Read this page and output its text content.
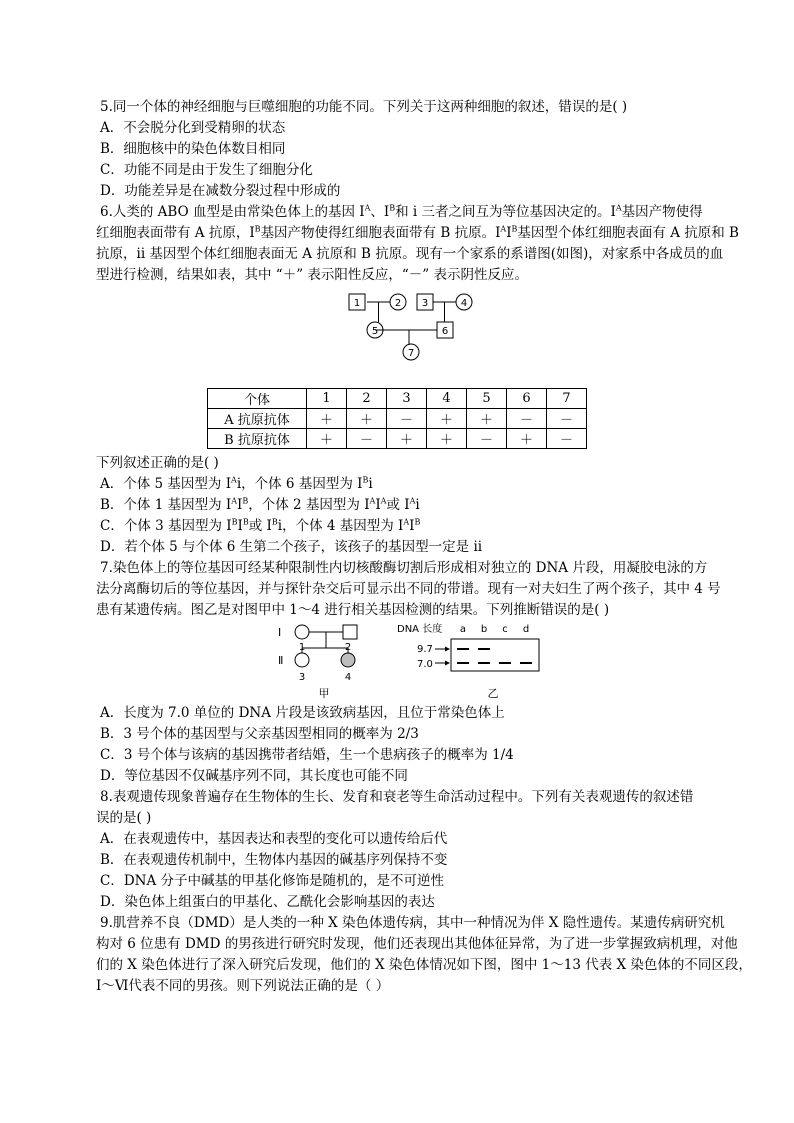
5.同一个体的神经细胞与巨噬细胞的功能不同。下列关于这两种细胞的叙述，错误的是( )
A．不会脱分化到受精卵的状态
B．细胞核中的染色体数目相同
C．功能不同是由于发生了细胞分化
D．功能差异是在减数分裂过程中形成的
6.人类的 ABO 血型是由常染色体上的基因 $I^A$、$I^B$和 i 三者之间互为等位基因决定的。$I^A$基因产物使得
红细胞表面带有 A 抗原，$I^B$基因产物使得红细胞表面带有 B 抗原。$I^AI^B$基因型个体红细胞表面有 A 抗原和 B
抗原，ii 基因型个体红细胞表面无 A 抗原和 B 抗原。现有一个家系的系谱图(如图)，对家系中各成员的血
型进行检测，结果如表，其中 “＋” 表示阳性反应，“－” 表示阴性反应。
1	2 3	4
5	6
7
个体	1	2	3	4	5	6	7
A 抗原抗体	＋	＋	－	＋	＋	－	－
B 抗原抗体	＋	－	＋	＋	－	＋	－
下列叙述正确的是( )
A．个体 5 基因型为 $I^Ai$，个体 6 基因型为 $I^Bi$
B．个体 1 基因型为 $I^AI^B$，个体 2 基因型为 $I^AI^A$或 $I^Ai$
C．个体 3 基因型为 $I^BI^B$或 $I^Bi$，个体 4 基因型为 $I^AI^B$
D．若个体 5 与个体 6 生第二个孩子，该孩子的基因型一定是 ii
7.染色体上的等位基因可经某种限制性内切核酸酶切割后形成相对独立的 DNA 片段，用凝胶电泳的方
法分离酶切后的等位基因，并与探针杂交后可显示出不同的带谱。现有一对夫妇生了两个孩子，其中 4 号
患有某遗传病。图乙是对图甲中 1～4 进行相关基因检测的结果。下列推断错误的是( )
Ⅰ
Ⅱ
1	2
3	4
甲
DNA 长度 a b c d
9.7
7.0
乙
A．长度为 7.0 单位的 DNA 片段是该致病基因，且位于常染色体上
B．3 号个体的基因型与父亲基因型相同的概率为 2/3
C．3 号个体与该病的基因携带者结婚，生一个患病孩子的概率为 1/4
D．等位基因不仅碱基序列不同，其长度也可能不同
8.表观遗传现象普遍存在生物体的生长、发育和衰老等生命活动过程中。下列有关表观遗传的叙述错
误的是( )
A．在表观遗传中，基因表达和表型的变化可以遗传给后代
B．在表观遗传机制中，生物体内基因的碱基序列保持不变
C．DNA 分子中碱基的甲基化修饰是随机的，是不可逆性
D．染色体上组蛋白的甲基化、乙酰化会影响基因的表达
9.肌营养不良（DMD）是人类的一种 X 染色体遗传病，其中一种情况为伴 X 隐性遗传。某遗传病研究机
构对 6 位患有 DMD 的男孩进行研究时发现，他们还表现出其他体征异常，为了进一步掌握致病机理，对他
们的 X 染色体进行了深入研究后发现，他们的 X 染色体情况如下图，图中 1～13 代表 X 染色体的不同区段，
Ⅰ～Ⅵ代表不同的男孩。则下列说法正确的是（ ）
